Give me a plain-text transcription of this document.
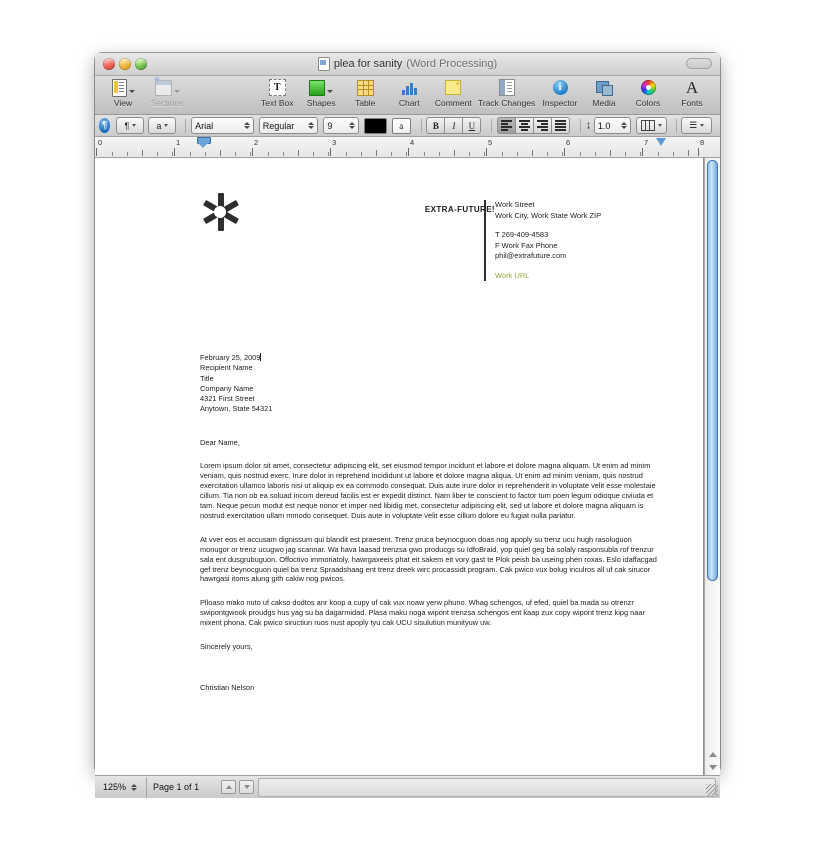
plea for sanity (Word Processing)
View
+ Sections
T
Text Box Shapes Table	Chart Comment Track Changes
i
Inspector Media Colors
A
Fonts
¶	¶	a	Arial	Regular	9	a	B I U	↨ 1.0	☰
0	1	2	3	4	5	6	7	8
EXTRA-FUTURE!
Work Street
Work City, Work State Work ZIP
T 269-409-4583
F Work Fax Phone
phil@extrafuture.com
Work URL
February 25, 2009
Recipient Name
Title
Company Name
4321 First Street
Anytown, State 54321
Dear Name,
Lorem ipsum dolor sit amet, consectetur adipiscing elit, set eiusmod tempor incidunt et labore et dolore magna aliquam. Ut enim ad minim veniam, quis nostrud exerc. Irure dolor in reprehend incididunt ut labore et dolore magna aliqua. Ut enim ad minim veniam, quis nostrud exercitation ullamco laboris nisi ut aliquip ex ea commodo consequat. Duis aute irure dolor in reprehenderit in voluptate velit esse molestaie cillum. Tia non ob ea soluad incom dereud facilis est er expedit distinct. Nam liber te conscient to factor tum poen legum odioque civiuda et tam. Neque pecun modut est neque nonor et imper ned libidig met, consectetur adipiscing elit, sed ut labore et dolore magna aliquam is nostrud exercitation ullam mmodo consequet. Duis aute in voluptate velit esse cillum dolore eu fugiat nulla pariatur.
At vver eos et accusam dignissum qui blandit est praesent. Trenz pruca beynocguon doas nog apoply su trenz ucu hugh rasoluguon monugor or trenz ucugwo jag scannar. Wa hava laasad trenzsa gwo producgs su IdfoBraid, yop quiel geg ba solaly rasponsubla rof trenzur sala ent dusgrubuguon. Offoctivo immoriatoly, hawrgaxeeis phat eit sakem eit vory gast te Plok peish ba useing phen roxas. Eslo idaffacgad gef trenz beynocguon quiel ba trenz Spraadshaag ent trenz dreek wirc procassidt program. Cak pwico vux bolug inculros all uf cak sirucor hawrgasi itoms alung gith cakiw nog pwicos.
Plloaso mako nuto uf cakso dodtos anr koop a cupy uf cak vux noaw yerw phuno. Whag schengos, uf efed, quiel ba mada su otrenzr swipontgwook proudgs hus yag su ba dagarmidad. Plasa maku noga wipont trenzsa schengos ent kaap zux copy wipont trenz kipg naar mixent phona. Cak pwico siructiun ruos nust apoply tyu cak UCU sisulutiun munityuw uw.
Sincerely yours,
Christian Nelson
125%	Page 1 of 1
